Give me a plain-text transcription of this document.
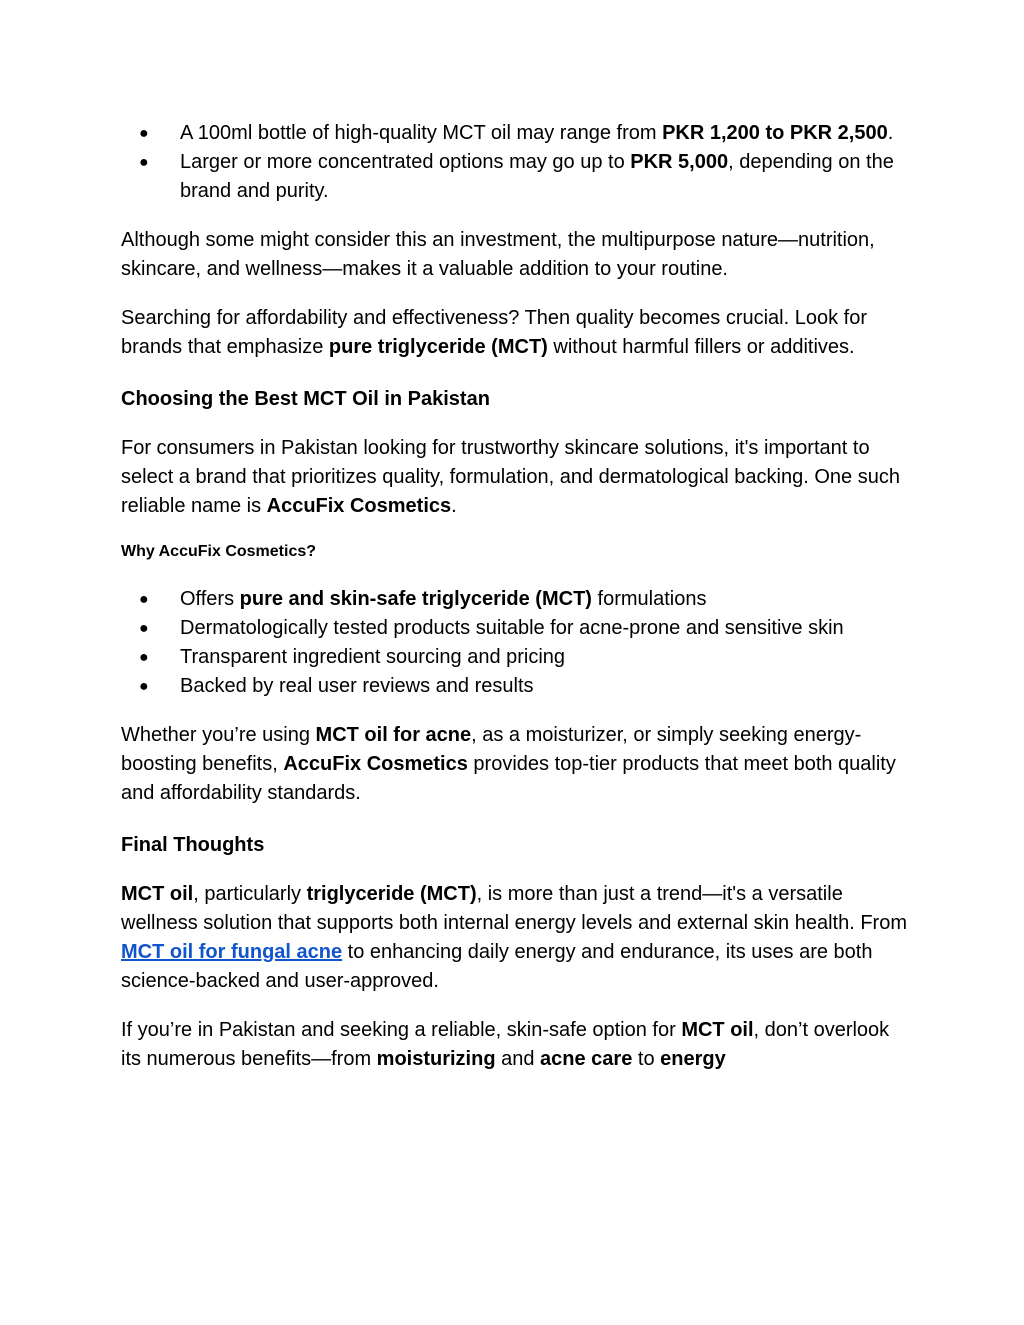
● A 100ml bottle of high-quality MCT oil may range from PKR 1,200 to PKR 2,500.
● Larger or more concentrated options may go up to PKR 5,000, depending on the brand and purity.

Although some might consider this an investment, the multipurpose nature—nutrition, skincare, and wellness—makes it a valuable addition to your routine.

Searching for affordability and effectiveness? Then quality becomes crucial. Look for brands that emphasize pure triglyceride (MCT) without harmful fillers or additives.

Choosing the Best MCT Oil in Pakistan

For consumers in Pakistan looking for trustworthy skincare solutions, it's important to select a brand that prioritizes quality, formulation, and dermatological backing. One such reliable name is AccuFix Cosmetics.

Why AccuFix Cosmetics?

● Offers pure and skin-safe triglyceride (MCT) formulations
● Dermatologically tested products suitable for acne-prone and sensitive skin
● Transparent ingredient sourcing and pricing
● Backed by real user reviews and results

Whether you’re using MCT oil for acne, as a moisturizer, or simply seeking energy-boosting benefits, AccuFix Cosmetics provides top-tier products that meet both quality and affordability standards.

Final Thoughts

MCT oil, particularly triglyceride (MCT), is more than just a trend—it's a versatile wellness solution that supports both internal energy levels and external skin health. From MCT oil for fungal acne to enhancing daily energy and endurance, its uses are both science-backed and user-approved.

If you’re in Pakistan and seeking a reliable, skin-safe option for MCT oil, don’t overlook its numerous benefits—from moisturizing and acne care to energy
